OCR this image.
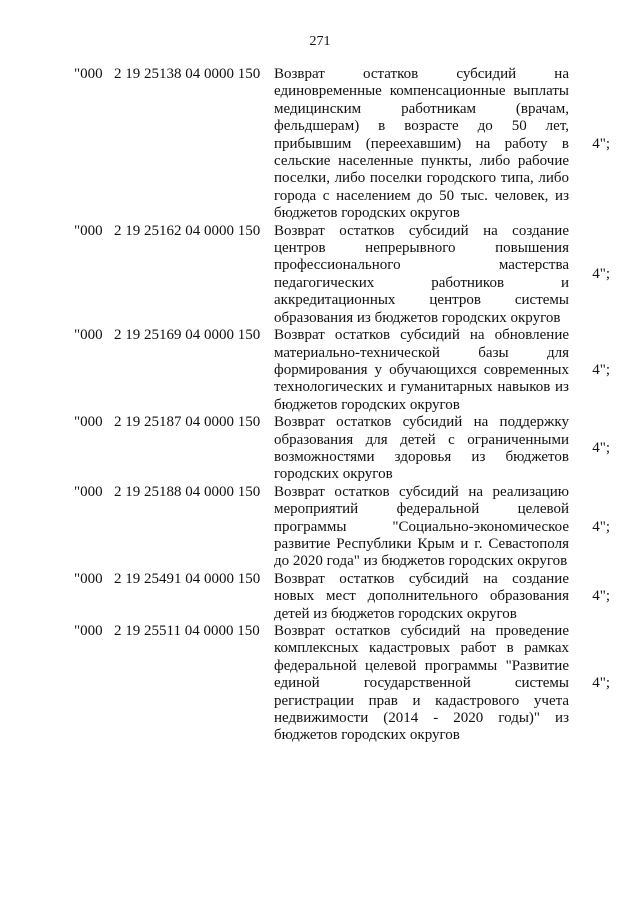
271
"000 2 19 25138 04 0000 150 Возврат остатков субсидий на единовременные компенсационные выплаты медицинским работникам (врачам, фельдшерам) в возрасте до 50 лет, прибывшим (переехавшим) на работу в сельские населенные пункты, либо рабочие поселки, либо поселки городского типа, либо города с населением до 50 тыс. человек, из бюджетов городских округов
4";
"000 2 19 25162 04 0000 150 Возврат остатков субсидий на создание центров непрерывного повышения профессионального мастерства педагогических работников и аккредитационных центров системы образования из бюджетов городских округов
4";
"000 2 19 25169 04 0000 150 Возврат остатков субсидий на обновление материально-технической базы для формирования у обучающихся современных технологических и гуманитарных навыков из бюджетов городских округов
4";
"000 2 19 25187 04 0000 150 Возврат остатков субсидий на поддержку образования для детей с ограниченными возможностями здоровья из бюджетов городских округов
4";
"000 2 19 25188 04 0000 150 Возврат остатков субсидий на реализацию мероприятий федеральной целевой программы "Социально-экономическое развитие Республики Крым и г. Севастополя до 2020 года" из бюджетов городских округов
4";
"000 2 19 25491 04 0000 150 Возврат остатков субсидий на создание новых мест дополнительного образования детей из бюджетов городских округов
4";
"000 2 19 25511 04 0000 150 Возврат остатков субсидий на проведение комплексных кадастровых работ в рамках федеральной целевой программы "Развитие единой государственной системы регистрации прав и кадастрового учета недвижимости (2014 - 2020 годы)" из бюджетов городских округов
4";
